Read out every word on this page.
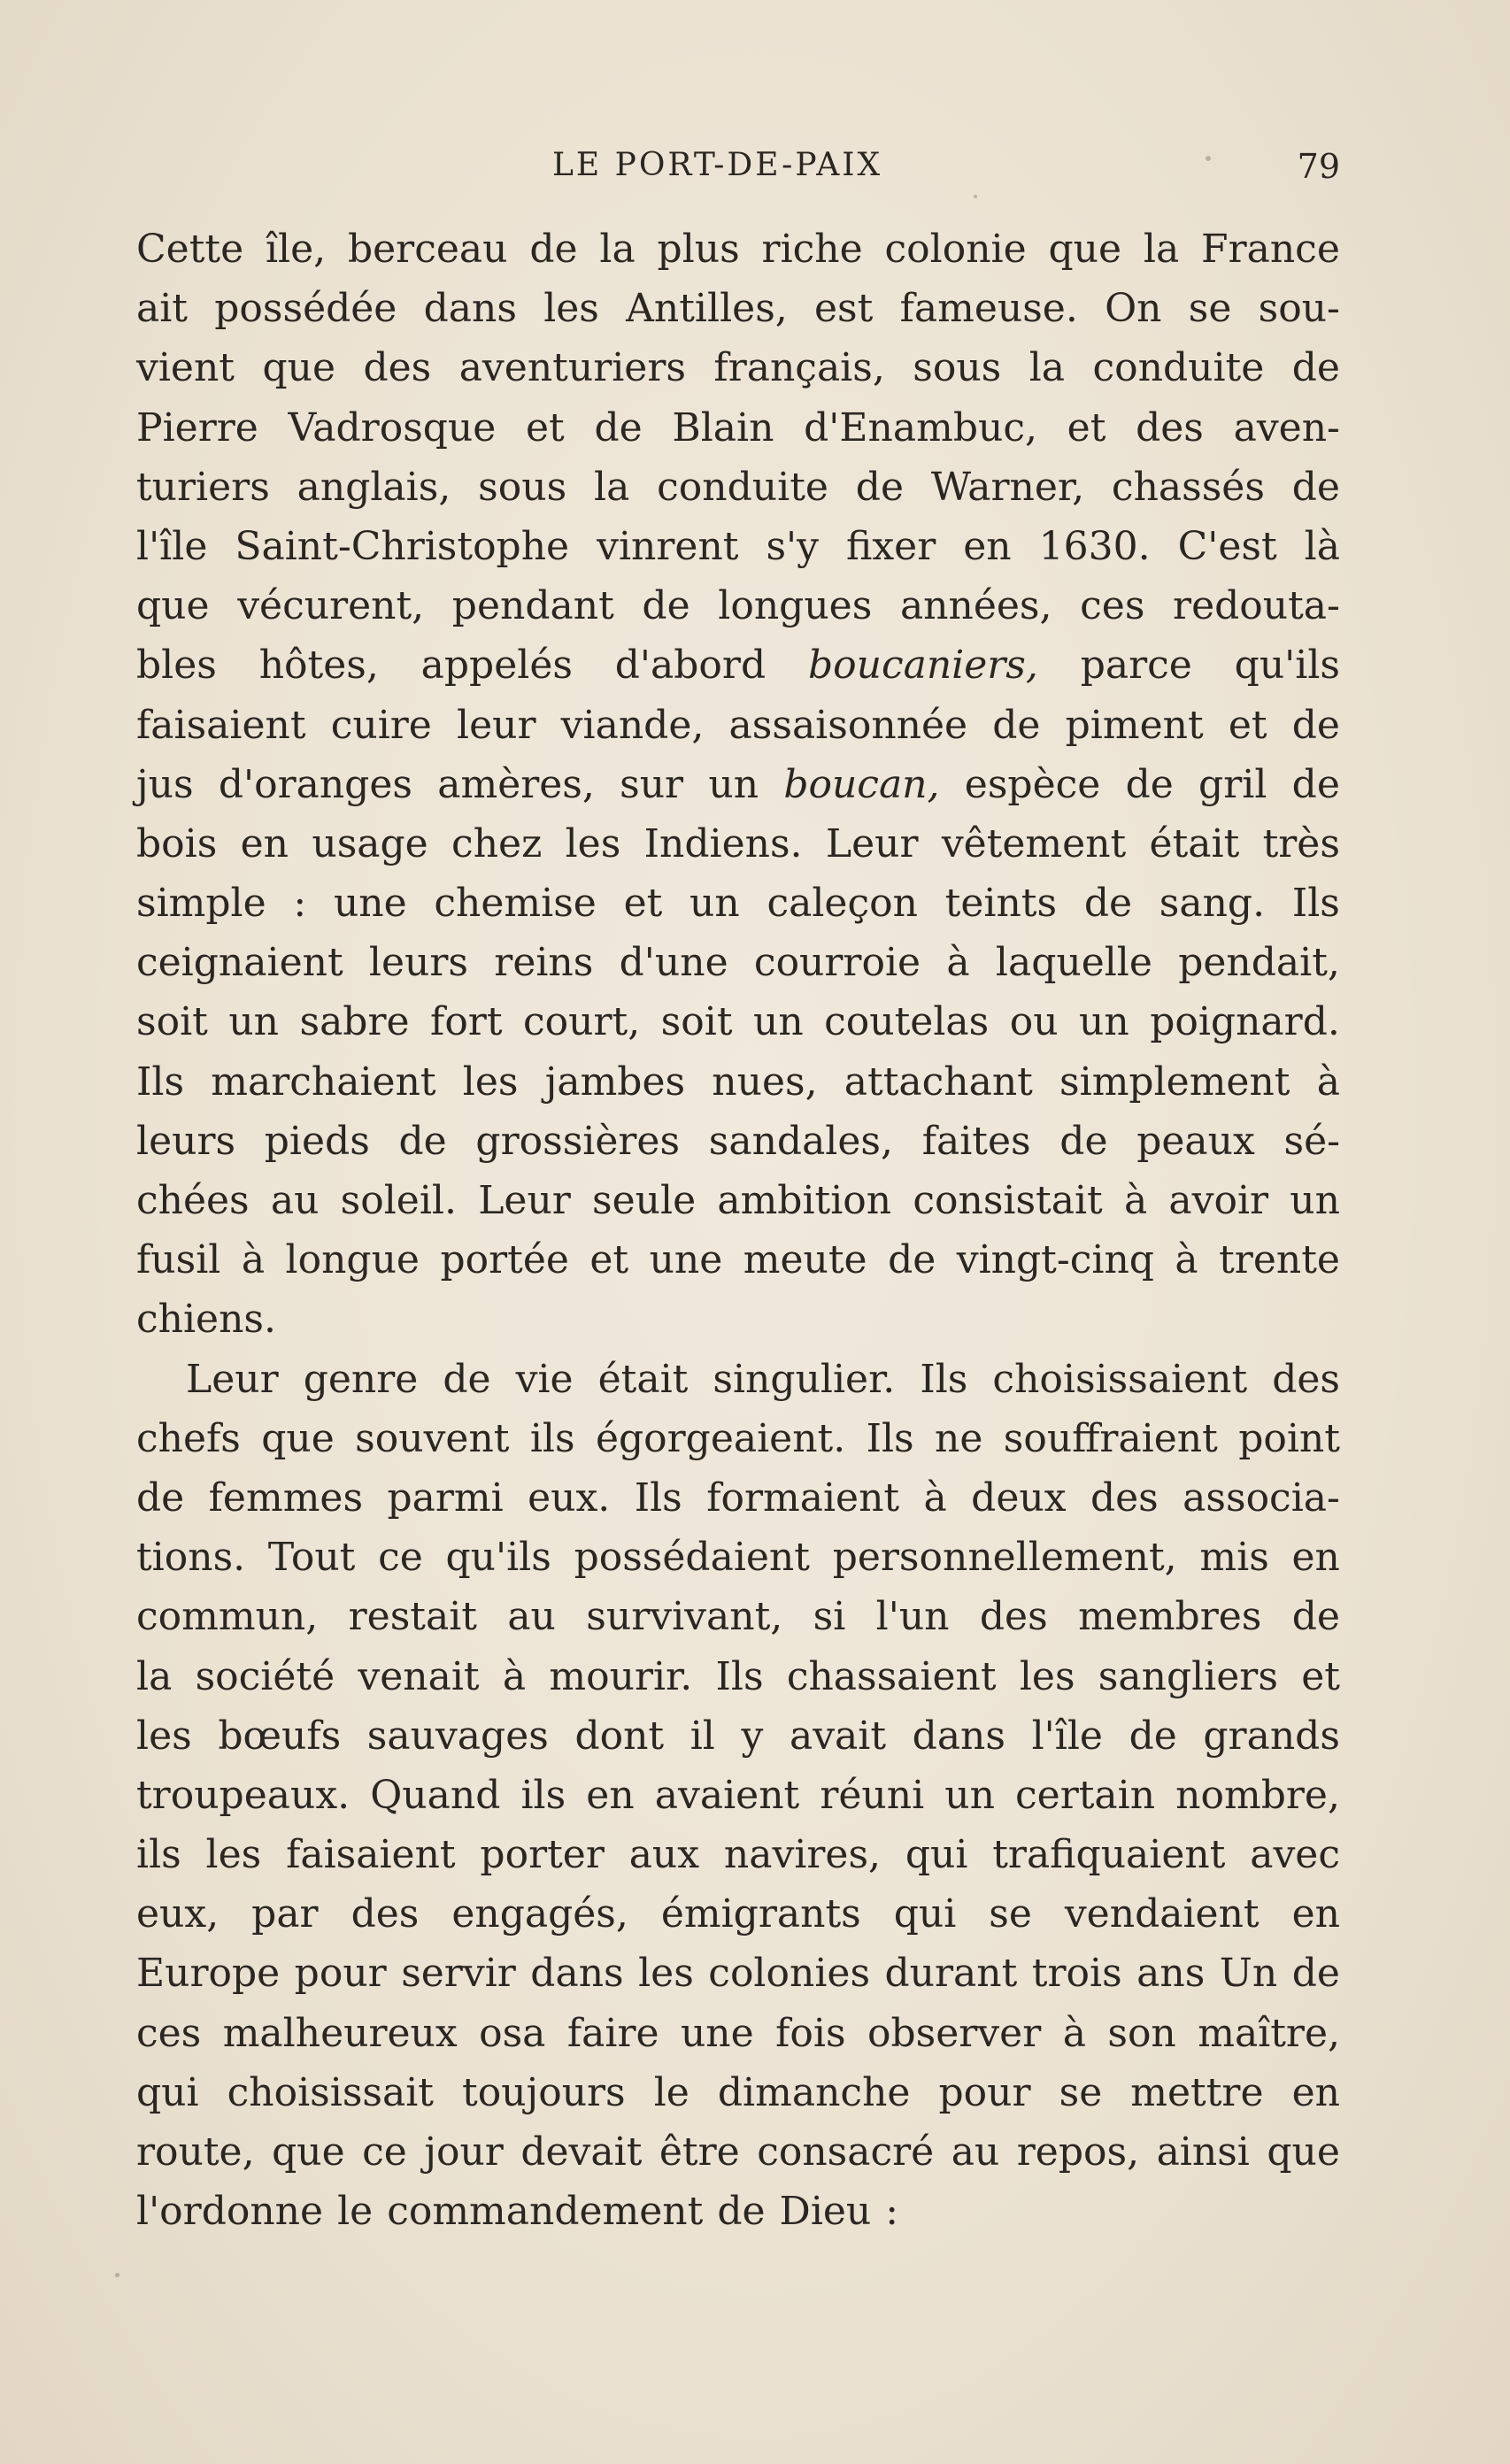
LE PORT-DE-PAIX	79
Cette île, berceau de la plus riche colonie que la France
ait possédée dans les Antilles, est fameuse. On se sou-
vient que des aventuriers français, sous la conduite de
Pierre Vadrosque et de Blain d'Enambuc, et des aven-
turiers anglais, sous la conduite de Warner, chassés de
l'île Saint-Christophe vinrent s'y fixer en 1630. C'est là
que vécurent, pendant de longues années, ces redouta-
bles hôtes, appelés d'abord boucaniers, parce qu'ils
faisaient cuire leur viande, assaisonnée de piment et de
jus d'oranges amères, sur un boucan, espèce de gril de
bois en usage chez les Indiens. Leur vêtement était très
simple : une chemise et un caleçon teints de sang. Ils
ceignaient leurs reins d'une courroie à laquelle pendait,
soit un sabre fort court, soit un coutelas ou un poignard.
Ils marchaient les jambes nues, attachant simplement à
leurs pieds de grossières sandales, faites de peaux sé-
chées au soleil. Leur seule ambition consistait à avoir un
fusil à longue portée et une meute de vingt-cinq à trente
chiens.
Leur genre de vie était singulier. Ils choisissaient des
chefs que souvent ils égorgeaient. Ils ne souffraient point
de femmes parmi eux. Ils formaient à deux des associa-
tions. Tout ce qu'ils possédaient personnellement, mis en
commun, restait au survivant, si l'un des membres de
la société venait à mourir. Ils chassaient les sangliers et
les bœufs sauvages dont il y avait dans l'île de grands
troupeaux. Quand ils en avaient réuni un certain nombre,
ils les faisaient porter aux navires, qui trafiquaient avec
eux, par des engagés, émigrants qui se vendaient en
Europe pour servir dans les colonies durant trois ans Un de
ces malheureux osa faire une fois observer à son maître,
qui choisissait toujours le dimanche pour se mettre en
route, que ce jour devait être consacré au repos, ainsi que
l'ordonne le commandement de Dieu :
